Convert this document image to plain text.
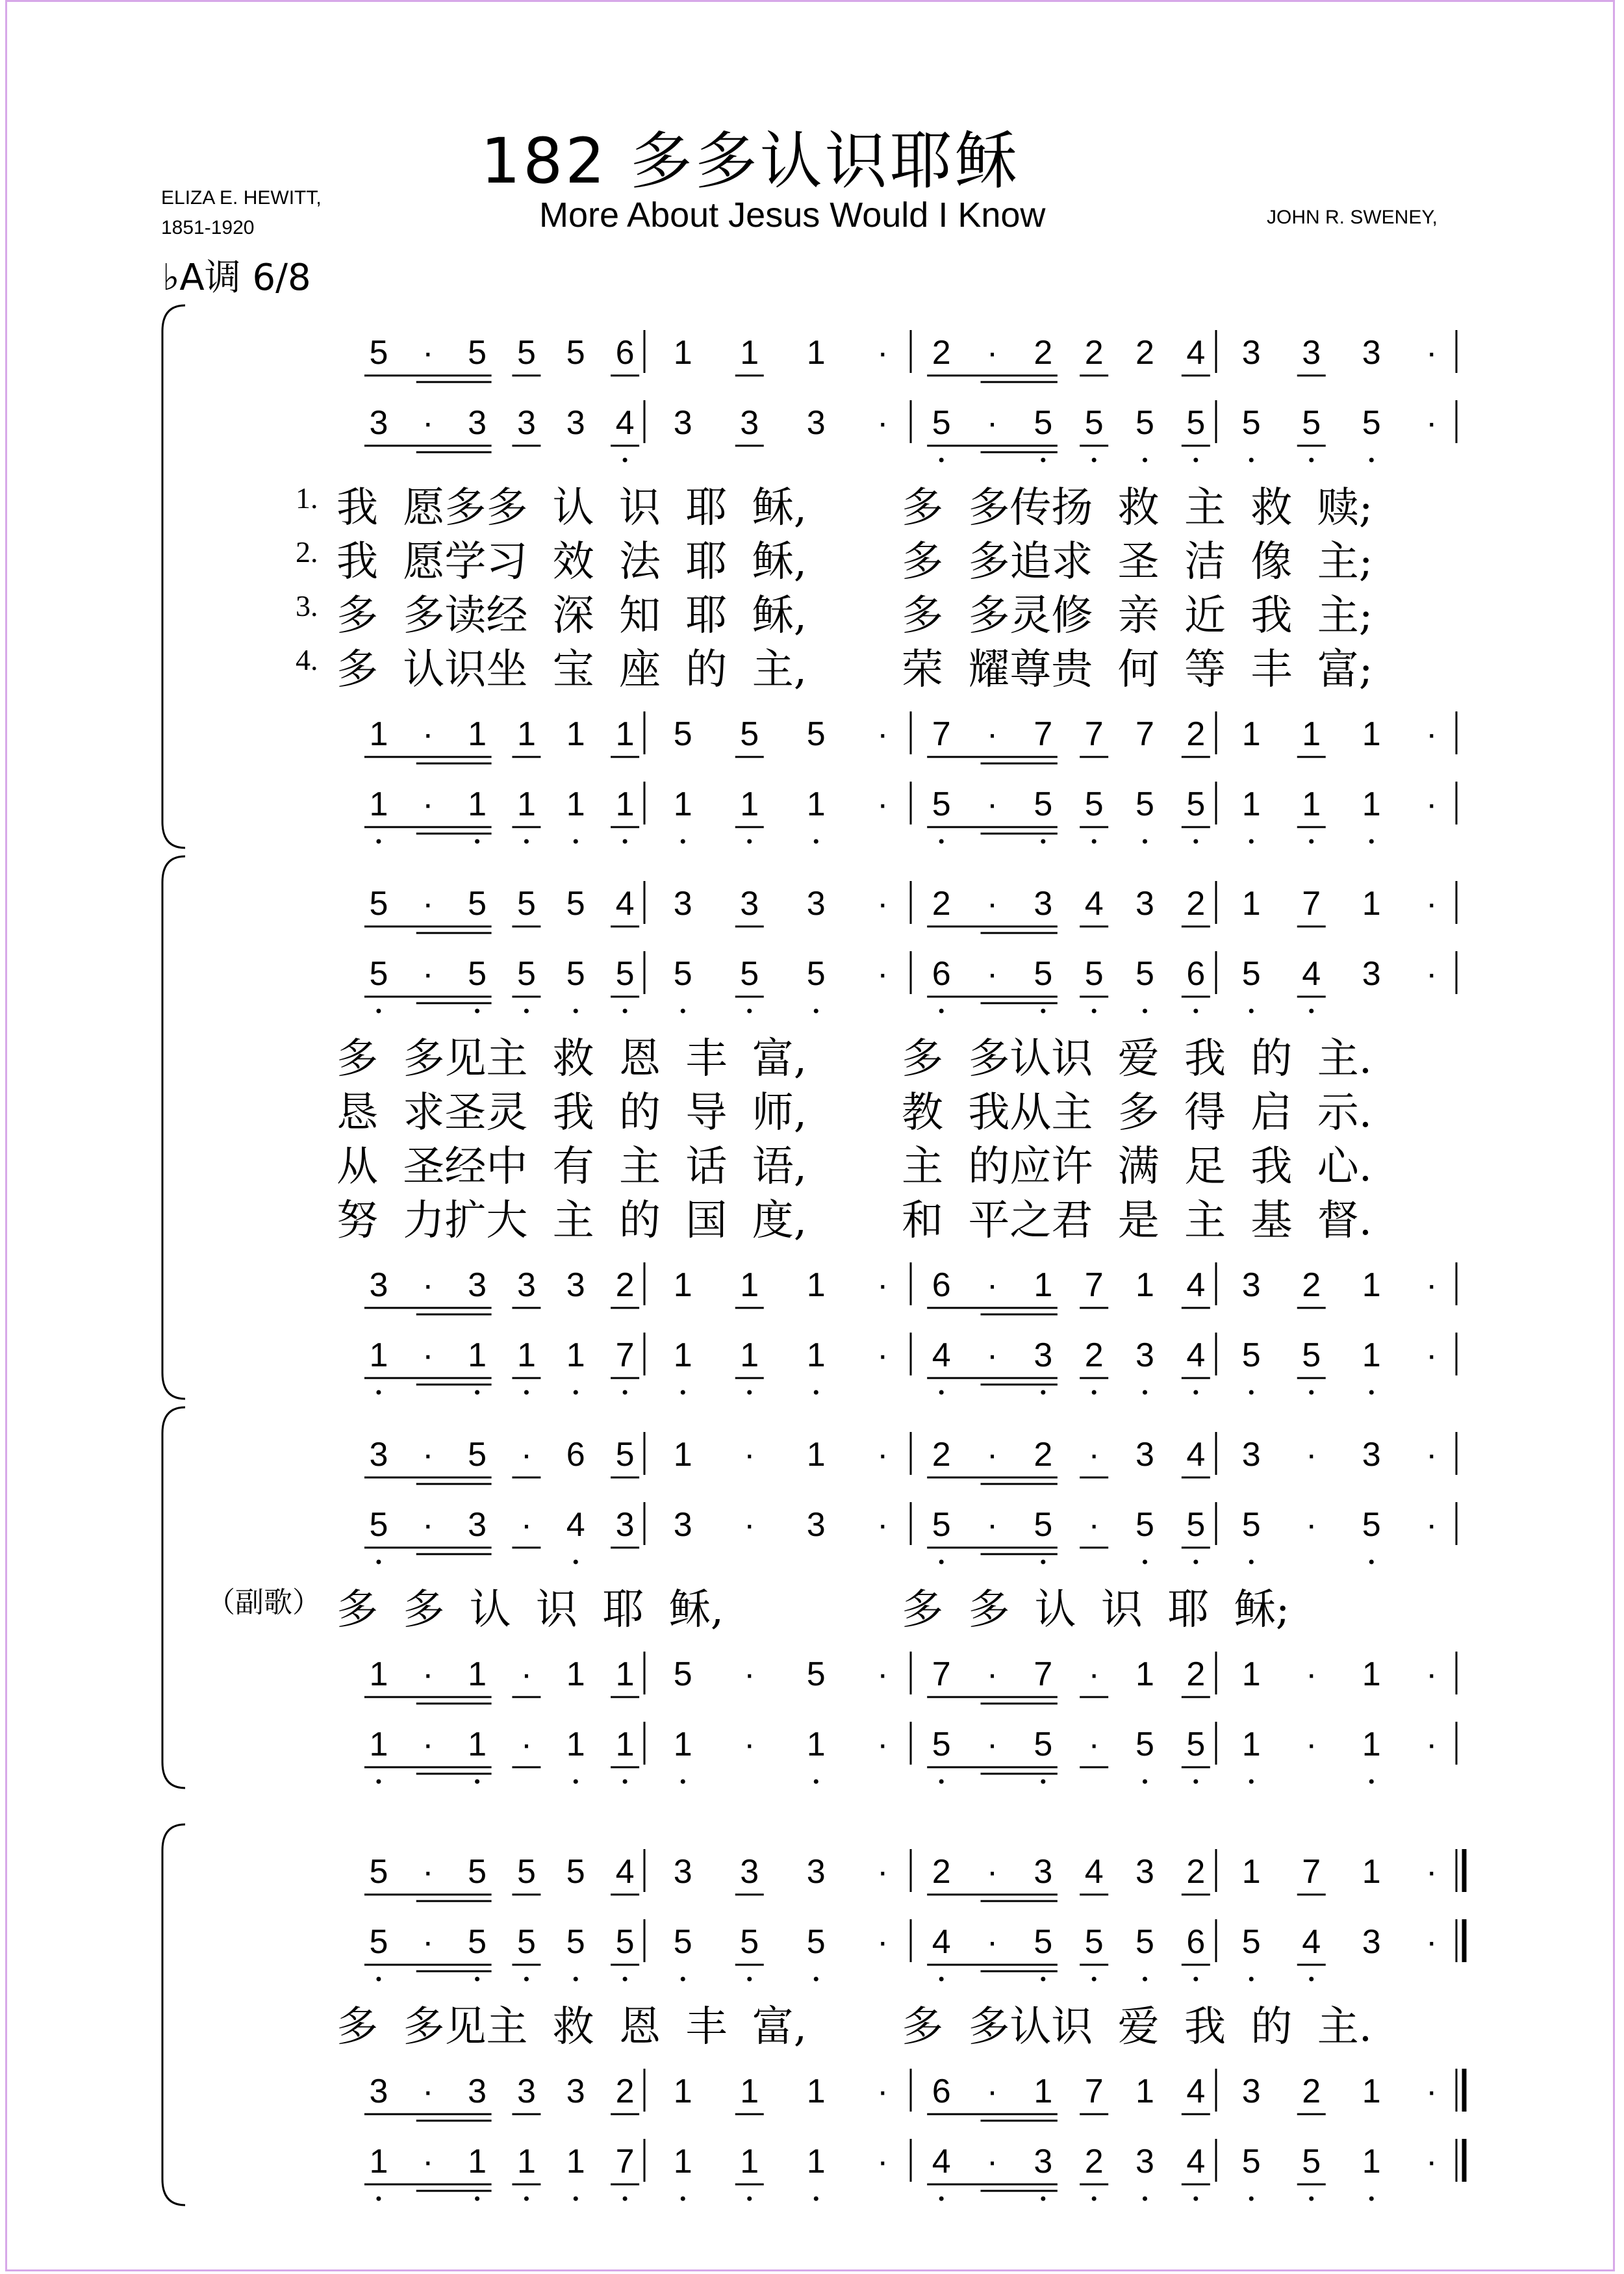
182 多多认识耶稣
ELIZA E. HEWITT,
1851-1920	More About Jesus Would I Know	JOHN R. SWENEY,
♭A调 6/8
5 · 5 5 5 6 1 1 1 · 2 · 2 2 2 4 3 3 3 ·
3 · 3 3 3 4 3 3 3 · 5 · 5 5 5 5 5 5 5 ·
1 · 1 1 1 1 5 5 5 · 7 · 7 7 7 2 1 1 1 ·
1 · 1 1 1 1 1 1 1 · 5 · 5 5 5 5 1 1 1 ·
5 · 5 5 5 4 3 3 3 · 2 · 3 4 3 2 1 7 1 ·
5 · 5 5 5 5 5 5 5 · 6 · 5 5 5 6 5 4 3 ·
3 · 3 3 3 2 1 1 1 · 6 · 1 7 1 4 3 2 1 ·
1 · 1 1 1 7 1 1 1 · 4 · 3 2 3 4 5 5 1 ·
3 · 5 · 6 5 1 · 1 · 2 · 2 · 3 4 3 · 3 ·
5 · 3 · 4 3 3 · 3 · 5 · 5 · 5 5 5 · 5 ·
1 · 1 · 1 1 5 · 5 · 7 · 7 · 1 2 1 · 1 ·
1 · 1 · 1 1 1 · 1 · 5 · 5 · 5 5 1 · 1 ·
5 · 5 5 5 4 3 3 3 · 2 · 3 4 3 2 1 7 1 ·
5 · 5 5 5 5 5 5 5 · 4 · 5 5 5 6 5 4 3 ·
3 · 3 3 3 2 1 1 1 · 6 · 1 7 1 4 3 2 1 ·
1 · 1 1 1 7 1 1 1 · 4 · 3 2 3 4 5 5 1 ·
1. 我 愿多多 认 识 耶 稣, 多 多传扬 救 主 救 赎;
2. 我 愿学习 效 法 耶 稣, 多 多追求 圣 洁 像 主;
3. 多 多读经 深 知 耶 稣, 多 多灵修 亲 近 我 主;
4. 多 认识坐 宝 座 的 主, 荣 耀尊贵 何 等 丰 富;
多 多见主 救 恩 丰 富, 多 多认识 爱 我 的 主.
恳 求圣灵 我 的 导 师, 教 我从主 多 得 启 示.
从 圣经中 有 主 话 语, 主 的应许 满 足 我 心.
努 力扩大 主 的 国 度, 和 平之君 是 主 基 督.
（副歌） 多 多 认 识 耶 稣,	多 多 认 识 耶 稣;
多 多见主 救 恩 丰 富, 多 多认识 爱 我 的 主.
